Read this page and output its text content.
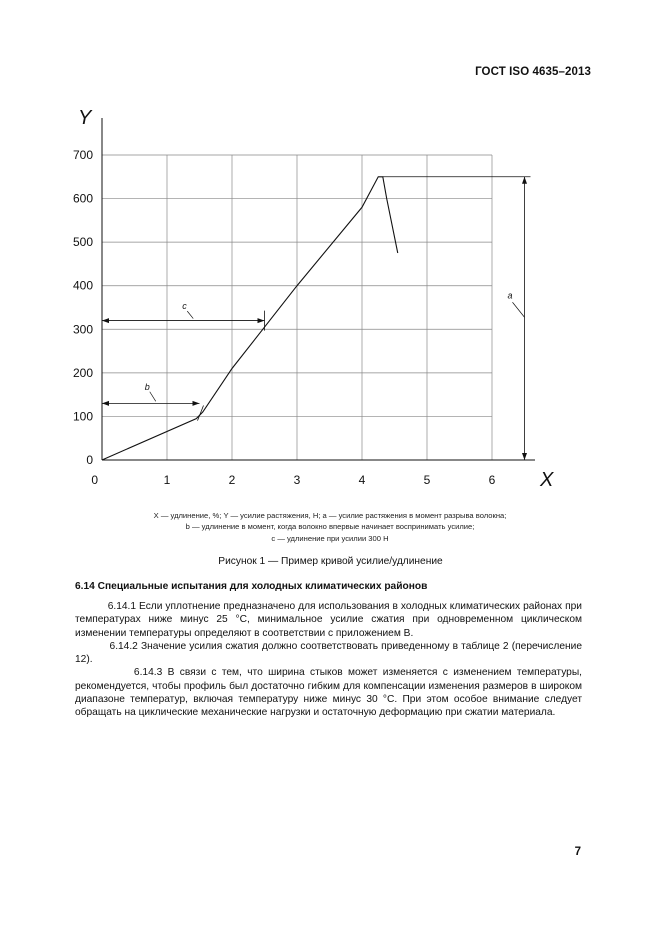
ГОСТ ISO 4635–2013
X
Y
0	1	2	3	4	5	6
0
100
200
300
400
500
600
700
a
b
c
X — удлинение, %; Y — усилие растяжения, Н; a — усилие растяжения в момент разрыва волокна;
b — удлинение в момент, когда волокно впервые начинает воспринимать усилие;
c — удлинение при усилии 300 Н
Рисунок 1 — Пример кривой усилие/удлинение
6.14 Специальные испытания для холодных климатических районов

6.14.1 Если уплотнение предназначено для использования в холодных климатических районах при температурах ниже минус 25 °С, минимальное усилие сжатия при одновременном циклическом изменении температуры определяют в соответствии с приложением В.

6.14.2 Значение усилия сжатия должно соответствовать приведенному в таблице 2 (перечисление 12).

6.14.3 В связи с тем, что ширина стыков может изменяется с изменением температуры, рекомендуется, чтобы профиль был достаточно гибким для компенсации изменения размеров в широком диапазоне температур, включая температуру ниже минус 30 °С. При этом особое внимание следует обращать на циклические механические нагрузки и остаточную деформацию при сжатии материала.

7
